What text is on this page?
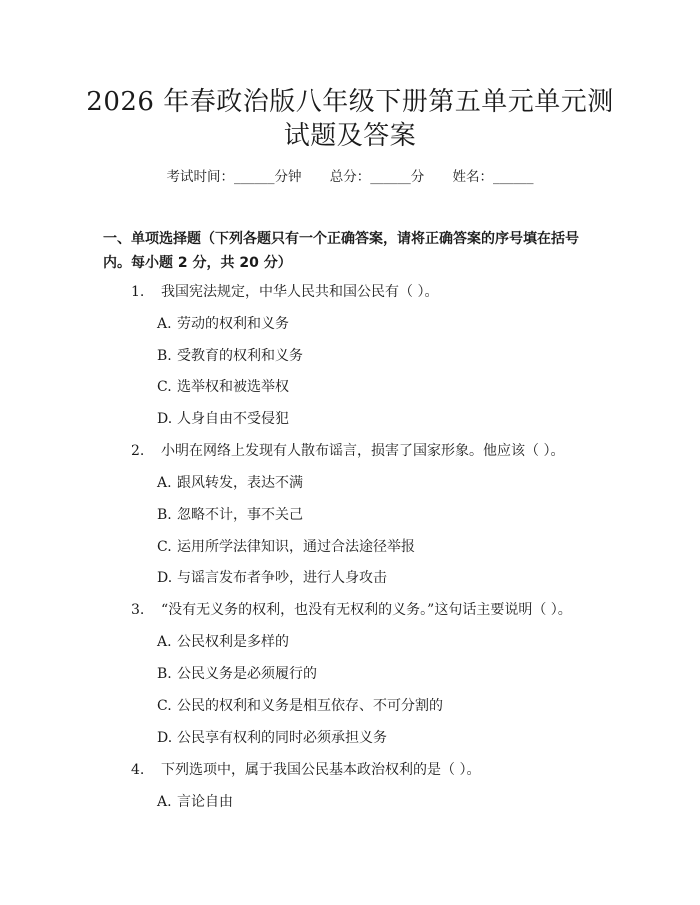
2026 年春政治版八年级下册第五单元单元测
试题及答案
考试时间：______分钟 总分：______分 姓名：______
一、单项选择题（下列各题只有一个正确答案，请将正确答案的序号填在括号内。每小题 2 分，共 20 分）
1. 我国宪法规定，中华人民共和国公民有（ ）。
A. 劳动的权利和义务
B. 受教育的权利和义务
C. 选举权和被选举权
D. 人身自由不受侵犯
2. 小明在网络上发现有人散布谣言，损害了国家形象。他应该（ ）。
A. 跟风转发，表达不满
B. 忽略不计，事不关己
C. 运用所学法律知识，通过合法途径举报
D. 与谣言发布者争吵，进行人身攻击
3. “没有无义务的权利，也没有无权利的义务。”这句话主要说明（ ）。
A. 公民权利是多样的
B. 公民义务是必须履行的
C. 公民的权利和义务是相互依存、不可分割的
D. 公民享有权利的同时必须承担义务
4. 下列选项中，属于我国公民基本政治权利的是（ ）。
A. 言论自由
